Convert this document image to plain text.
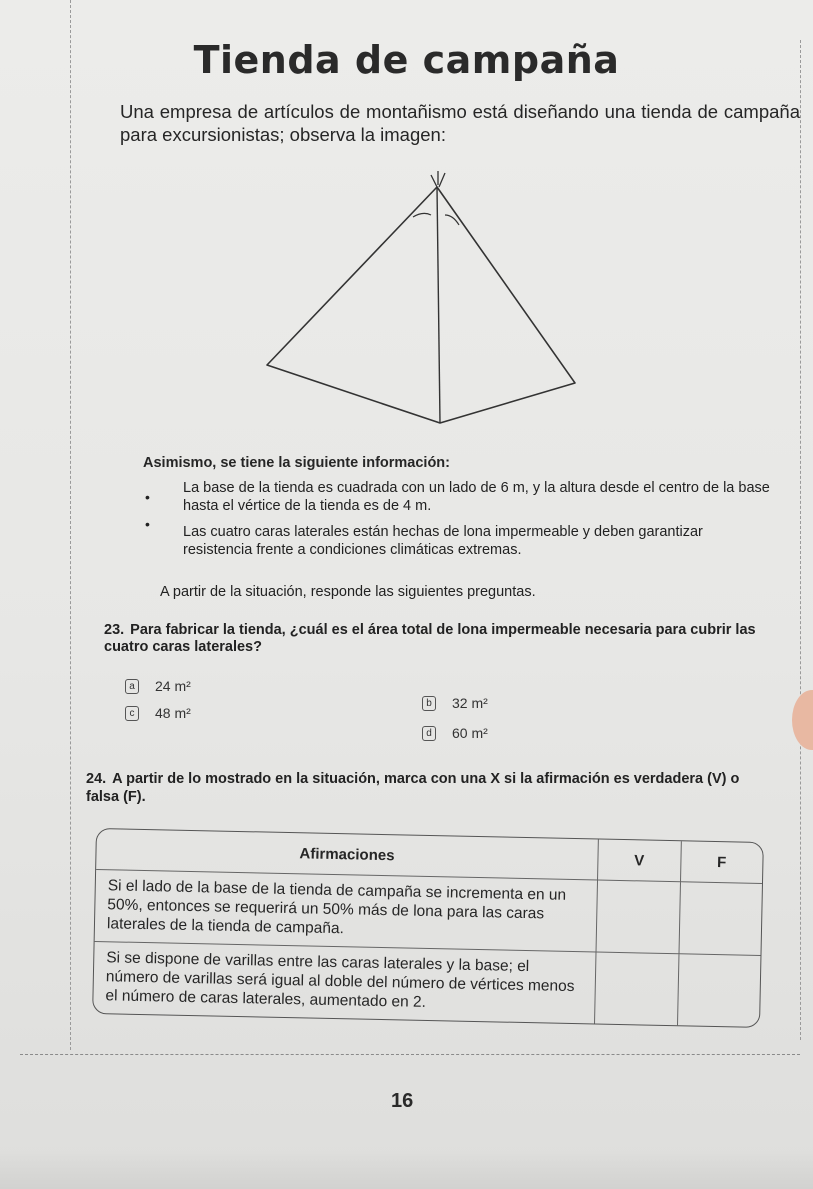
Tienda de campaña
Una empresa de artículos de montañismo está diseñando una tienda de campaña para excursionistas; observa la imagen:
Asimismo, se tiene la siguiente información:
•
La base de la tienda es cuadrada con un lado de 6 m, y la altura desde el centro de la base hasta el vértice de la tienda es de 4 m.
• Las cuatro caras laterales están hechas de lona impermeable y deben garantizar resistencia frente a condiciones climáticas extremas.
A partir de la situación, responde las siguientes preguntas.
23. Para fabricar la tienda, ¿cuál es el área total de lona impermeable necesaria para cubrir las cuatro caras laterales?
a	24 m²
b	32 m²
c	48 m²
d	60 m²
24. A partir de lo mostrado en la situación, marca con una X si la afirmación es verdadera (V) o falsa (F).
Afirmaciones	V	F
Si el lado de la base de la tienda de campaña se incrementa en un 50%, entonces se requerirá un 50% más de lona para las caras laterales de la tienda de campaña.		
Si se dispone de varillas entre las caras laterales y la base; el número de varillas será igual al doble del número de vértices menos el número de caras laterales, aumentado en 2.		
16
